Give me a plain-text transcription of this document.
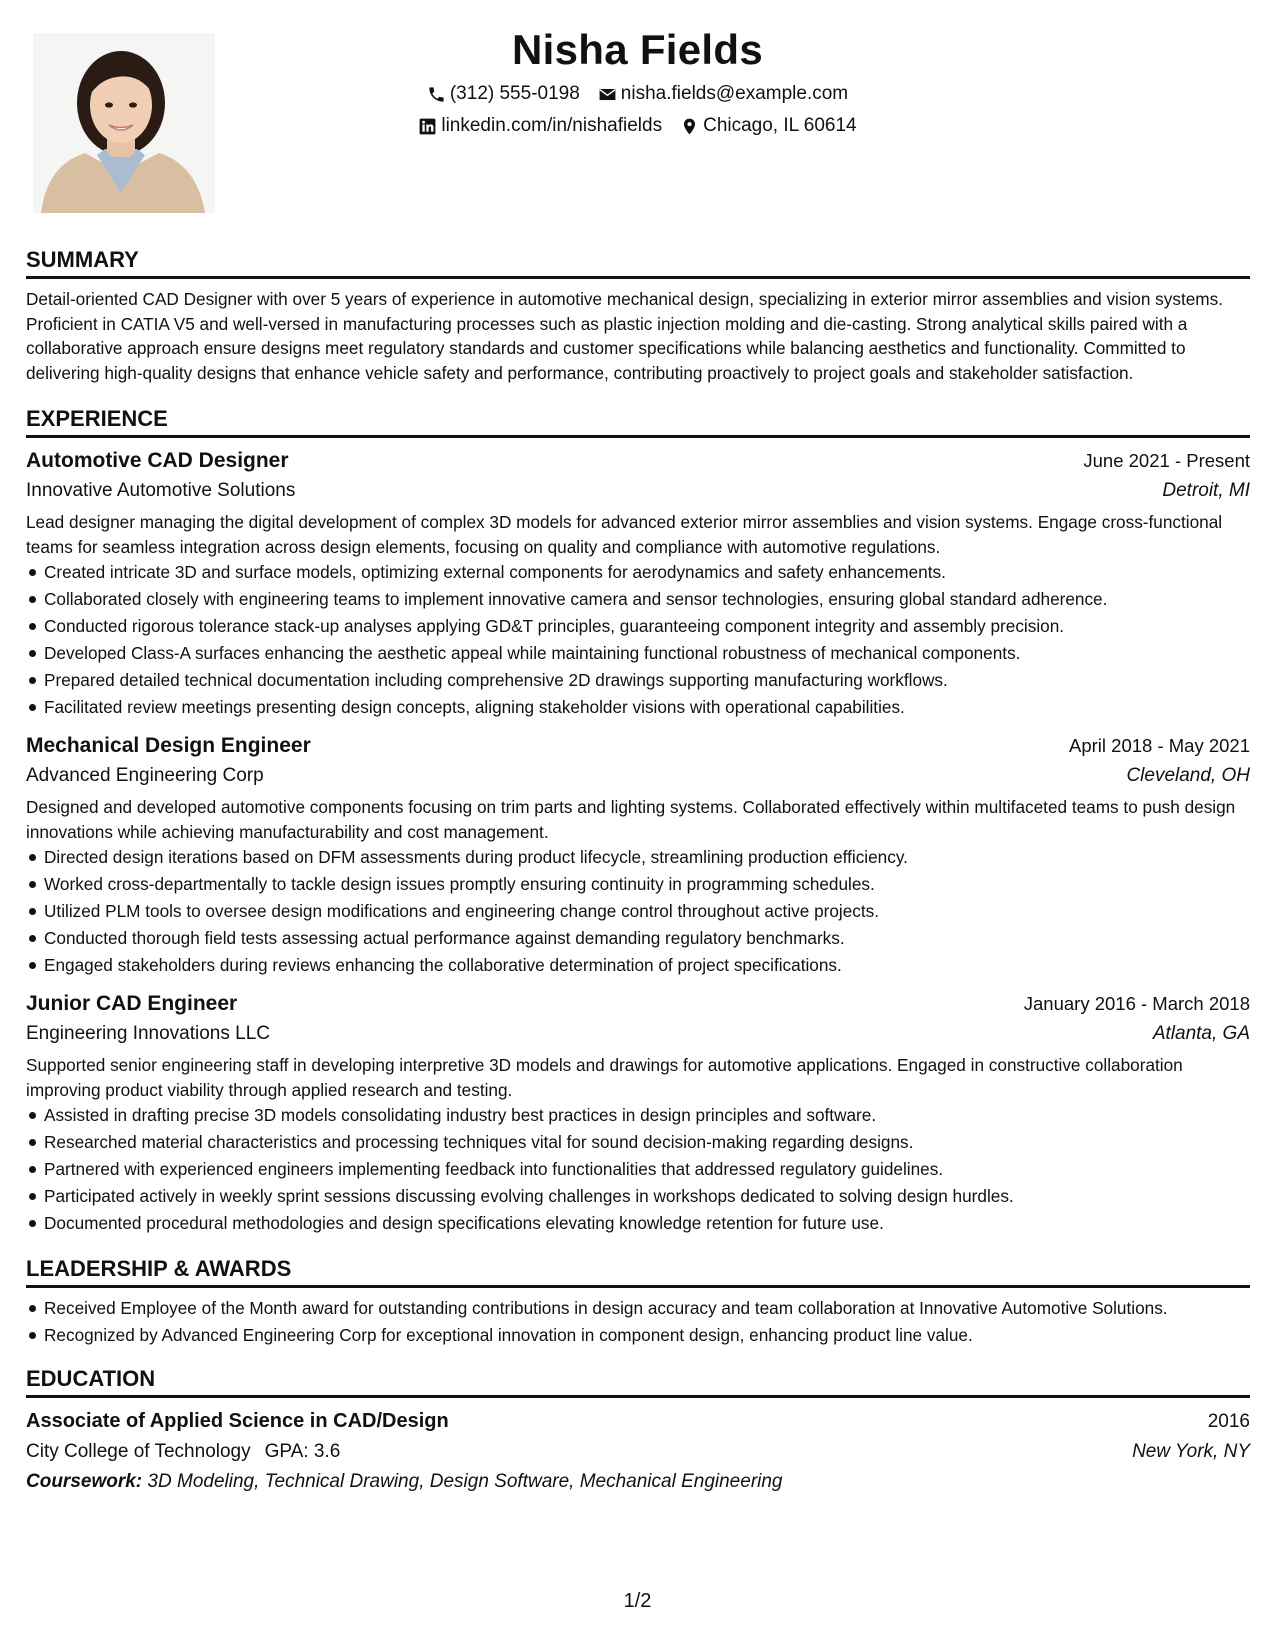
Nisha Fields
(312) 555-0198 nisha.fields@example.com
linkedin.com/in/nishafields Chicago, IL 60614
SUMMARY

Detail-oriented CAD Designer with over 5 years of experience in automotive mechanical design, specializing in exterior mirror assemblies and vision systems. Proficient in CATIA V5 and well-versed in manufacturing processes such as plastic injection molding and die-casting. Strong analytical skills paired with a collaborative approach ensure designs meet regulatory standards and customer specifications while balancing aesthetics and functionality. Committed to delivering high-quality designs that enhance vehicle safety and performance, contributing proactively to project goals and stakeholder satisfaction.

EXPERIENCE
Automotive CAD Designer	June 2021 - Present
Innovative Automotive Solutions	Detroit, MI

Lead designer managing the digital development of complex 3D models for advanced exterior mirror assemblies and vision systems. Engage cross-functional teams for seamless integration across design elements, focusing on quality and compliance with automotive regulations.

Created intricate 3D and surface models, optimizing external components for aerodynamics and safety enhancements.
Collaborated closely with engineering teams to implement innovative camera and sensor technologies, ensuring global standard adherence.
Conducted rigorous tolerance stack-up analyses applying GD&T principles, guaranteeing component integrity and assembly precision.
Developed Class-A surfaces enhancing the aesthetic appeal while maintaining functional robustness of mechanical components.
Prepared detailed technical documentation including comprehensive 2D drawings supporting manufacturing workflows.
Facilitated review meetings presenting design concepts, aligning stakeholder visions with operational capabilities.
Mechanical Design Engineer	April 2018 - May 2021
Advanced Engineering Corp	Cleveland, OH

Designed and developed automotive components focusing on trim parts and lighting systems. Collaborated effectively within multifaceted teams to push design innovations while achieving manufacturability and cost management.

Directed design iterations based on DFM assessments during product lifecycle, streamlining production efficiency.
Worked cross-departmentally to tackle design issues promptly ensuring continuity in programming schedules.
Utilized PLM tools to oversee design modifications and engineering change control throughout active projects.
Conducted thorough field tests assessing actual performance against demanding regulatory benchmarks.
Engaged stakeholders during reviews enhancing the collaborative determination of project specifications.
Junior CAD Engineer	January 2016 - March 2018
Engineering Innovations LLC	Atlanta, GA

Supported senior engineering staff in developing interpretive 3D models and drawings for automotive applications. Engaged in constructive collaboration improving product viability through applied research and testing.

Assisted in drafting precise 3D models consolidating industry best practices in design principles and software.
Researched material characteristics and processing techniques vital for sound decision-making regarding designs.
Partnered with experienced engineers implementing feedback into functionalities that addressed regulatory guidelines.
Participated actively in weekly sprint sessions discussing evolving challenges in workshops dedicated to solving design hurdles.
Documented procedural methodologies and design specifications elevating knowledge retention for future use.
LEADERSHIP & AWARDS
Received Employee of the Month award for outstanding contributions in design accuracy and team collaboration at Innovative Automotive Solutions.
Recognized by Advanced Engineering Corp for exceptional innovation in component design, enhancing product line value.
EDUCATION
Associate of Applied Science in CAD/Design	2016
City College of Technology GPA: 3.6	New York, NY
Coursework: 3D Modeling, Technical Drawing, Design Software, Mechanical Engineering
1/2
